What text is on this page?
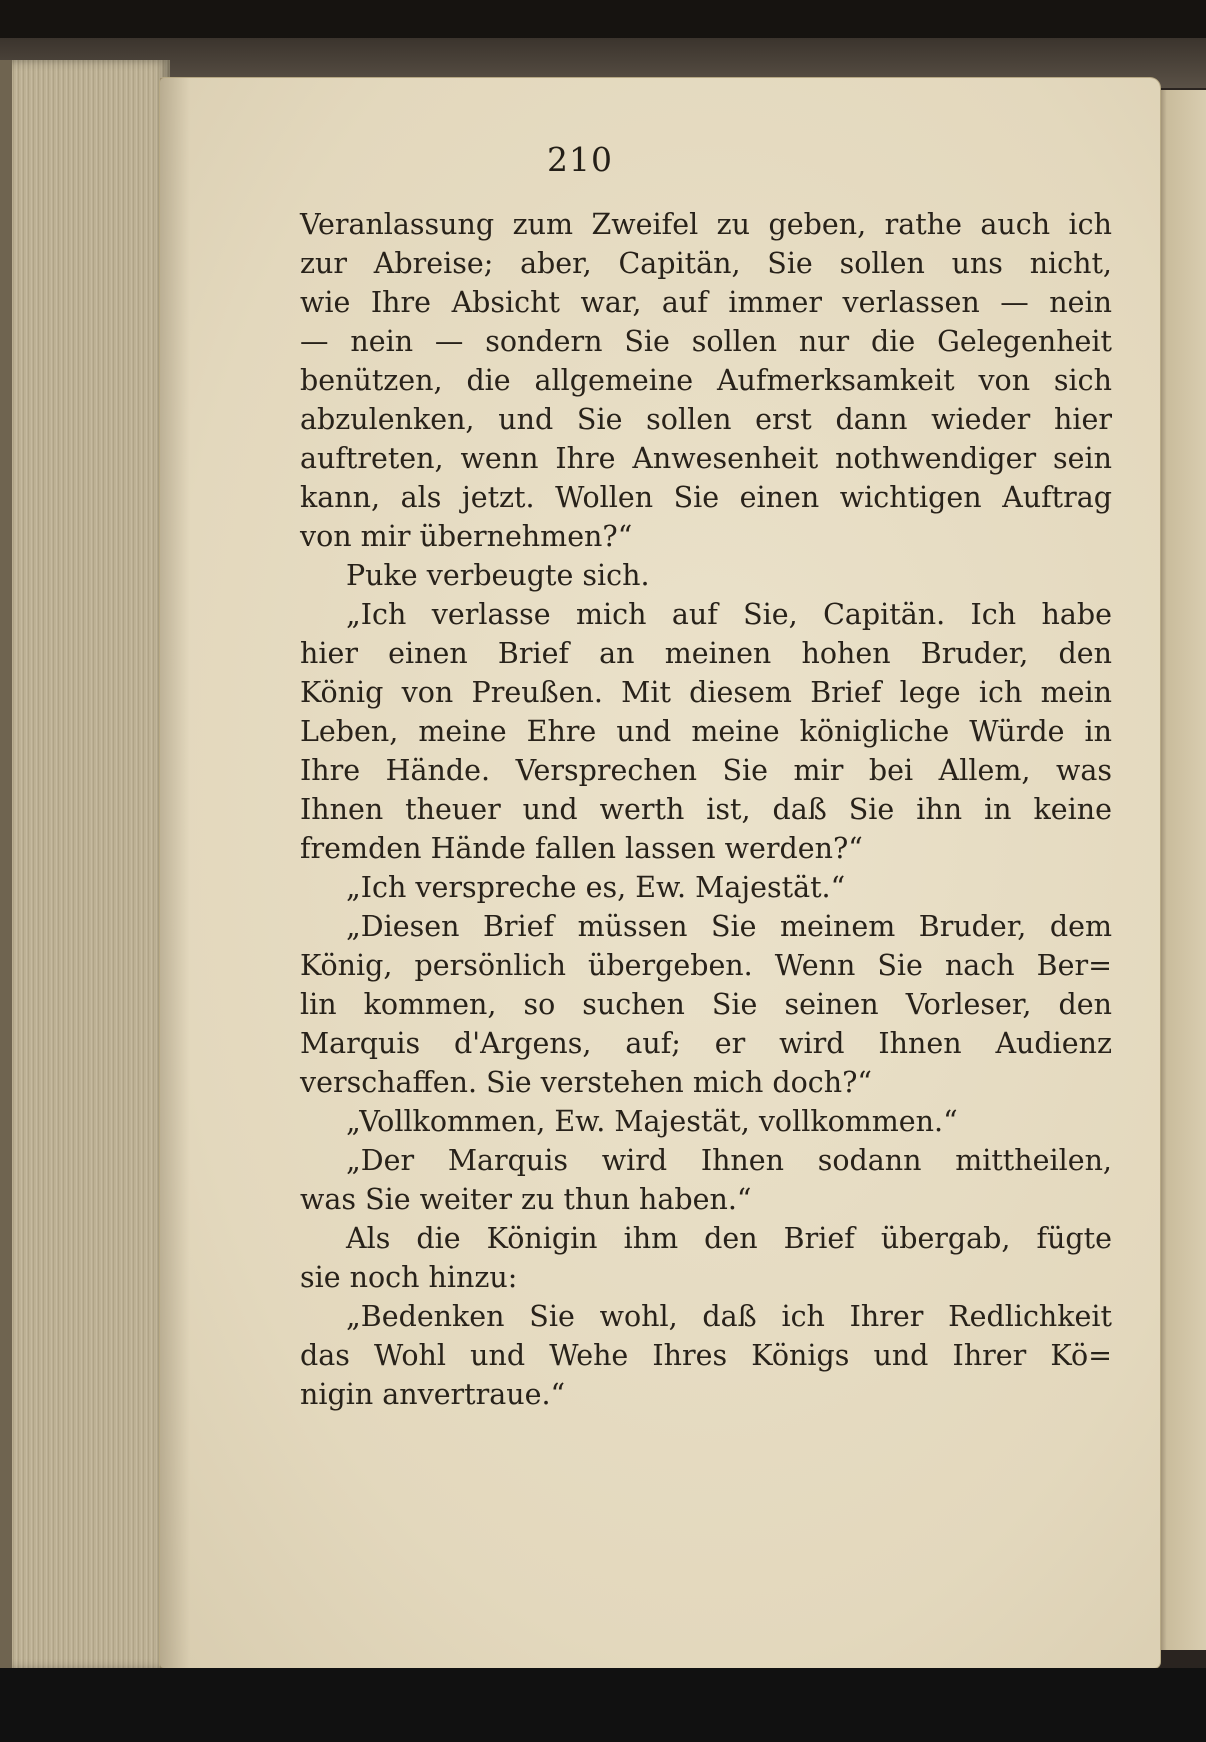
210
Veranlassung zum Zweifel zu geben, rathe auch ich
zur Abreise; aber, Capitän, Sie sollen uns nicht,
wie Ihre Absicht war, auf immer verlassen — nein
— nein — sondern Sie sollen nur die Gelegenheit
benützen, die allgemeine Aufmerksamkeit von sich
abzulenken, und Sie sollen erst dann wieder hier
auftreten, wenn Ihre Anwesenheit nothwendiger sein
kann, als jetzt. Wollen Sie einen wichtigen Auftrag
von mir übernehmen?“
Puke verbeugte sich.
„Ich verlasse mich auf Sie, Capitän. Ich habe
hier einen Brief an meinen hohen Bruder, den
König von Preußen. Mit diesem Brief lege ich mein
Leben, meine Ehre und meine königliche Würde in
Ihre Hände. Versprechen Sie mir bei Allem, was
Ihnen theuer und werth ist, daß Sie ihn in keine
fremden Hände fallen lassen werden?“
„Ich verspreche es, Ew. Majestät.“
„Diesen Brief müssen Sie meinem Bruder, dem
König, persönlich übergeben. Wenn Sie nach Ber=
lin kommen, so suchen Sie seinen Vorleser, den
Marquis d'Argens, auf; er wird Ihnen Audienz
verschaffen. Sie verstehen mich doch?“
„Vollkommen, Ew. Majestät, vollkommen.“
„Der Marquis wird Ihnen sodann mittheilen,
was Sie weiter zu thun haben.“
Als die Königin ihm den Brief übergab, fügte
sie noch hinzu:
„Bedenken Sie wohl, daß ich Ihrer Redlichkeit
das Wohl und Wehe Ihres Königs und Ihrer Kö=
nigin anvertraue.“
